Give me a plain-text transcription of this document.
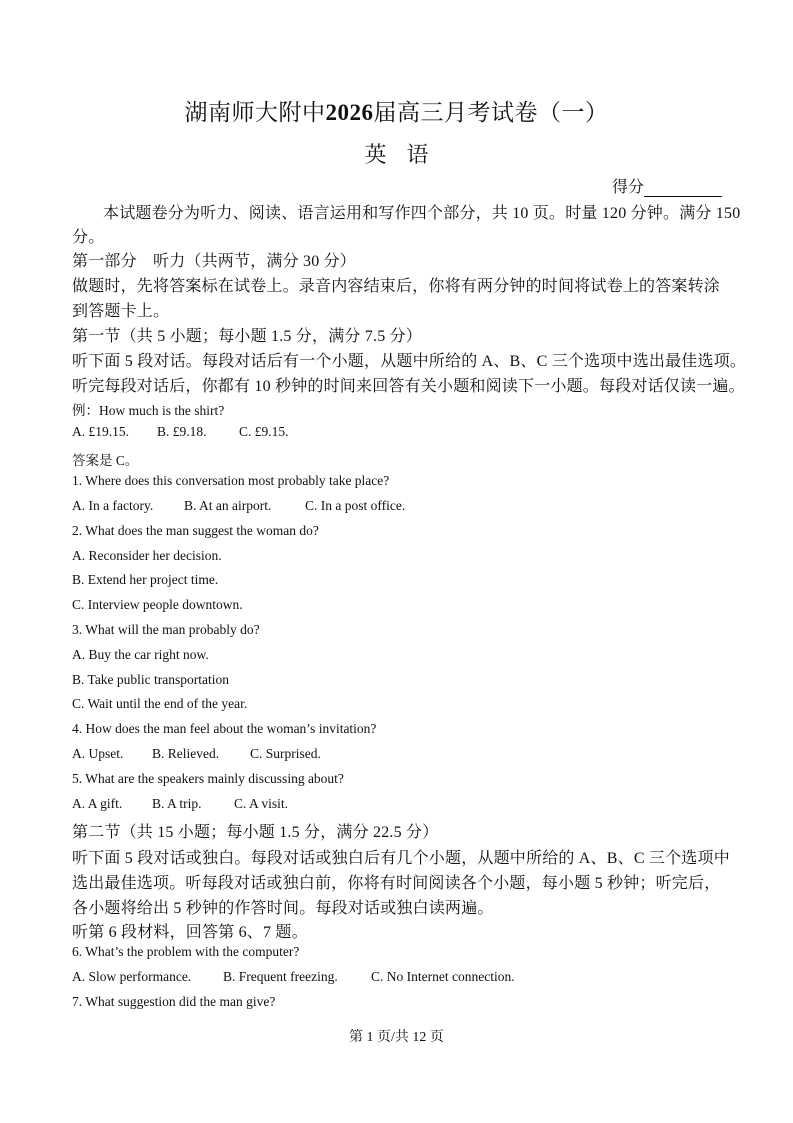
湖南师大附中2026届高三月考试卷（一）
英语
得分
本试题卷分为听力、阅读、语言运用和写作四个部分，共 10 页。时量 120 分钟。满分 150
分。
第一部分　听力（共两节，满分 30 分）
做题时，先将答案标在试卷上。录音内容结束后，你将有两分钟的时间将试卷上的答案转涂
到答题卡上。
第一节（共 5 小题；每小题 1.5 分，满分 7.5 分）
听下面 5 段对话。每段对话后有一个小题，从题中所给的 A、B、C 三个选项中选出最佳选项。
听完每段对话后，你都有 10 秒钟的时间来回答有关小题和阅读下一小题。每段对话仅读一遍。
例：How much is the shirt?
A. £19.15. B. £9.18. C. £9.15.
答案是 C。
1. Where does this conversation most probably take place?
A. In a factory. B. At an airport. C. In a post office.
2. What does the man suggest the woman do?
A. Reconsider her decision.
B. Extend her project time.
C. Interview people downtown.
3. What will the man probably do?
A. Buy the car right now.
B. Take public transportation
C. Wait until the end of the year.
4. How does the man feel about the woman’s invitation?
A. Upset. B. Relieved. C. Surprised.
5. What are the speakers mainly discussing about?
A. A gift. B. A trip. C. A visit.
第二节（共 15 小题；每小题 1.5 分，满分 22.5 分）
听下面 5 段对话或独白。每段对话或独白后有几个小题，从题中所给的 A、B、C 三个选项中
选出最佳选项。听每段对话或独白前，你将有时间阅读各个小题，每小题 5 秒钟；听完后，
各小题将给出 5 秒钟的作答时间。每段对话或独白读两遍。
听第 6 段材料，回答第 6、7 题。
6. What’s the problem with the computer?
A. Slow performance. B. Frequent freezing. C. No Internet connection.
7. What suggestion did the man give?
第 1 页/共 12 页
